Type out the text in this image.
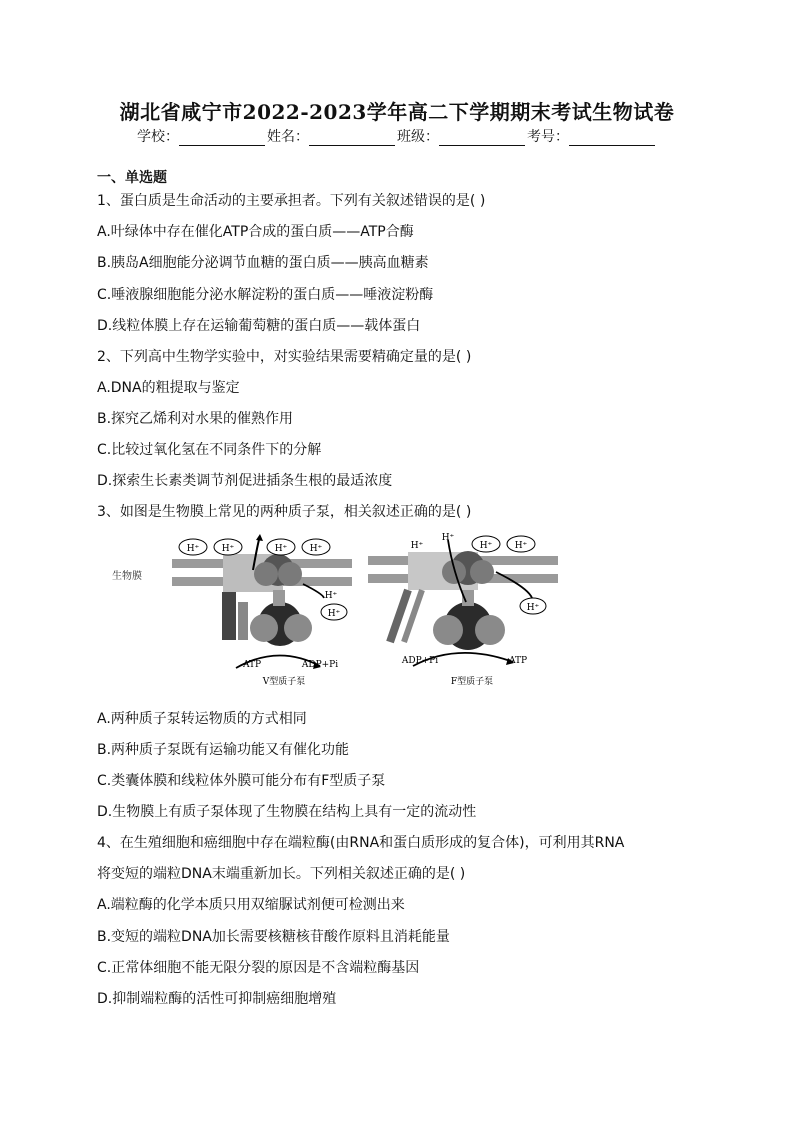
湖北省咸宁市2022-2023学年高二下学期期末考试生物试卷
学校：	姓名：	班级：	考号：
一、单选题
1、蛋白质是生命活动的主要承担者。下列有关叙述错误的是( )
A.叶绿体中存在催化ATP合成的蛋白质——ATP合酶
B.胰岛A细胞能分泌调节血糖的蛋白质——胰高血糖素
C.唾液腺细胞能分泌水解淀粉的蛋白质——唾液淀粉酶
D.线粒体膜上存在运输葡萄糖的蛋白质——载体蛋白
2、下列高中生物学实验中，对实验结果需要精确定量的是( )
A.DNA的粗提取与鉴定
B.探究乙烯利对水果的催熟作用
C.比较过氧化氢在不同条件下的分解
D.探索生长素类调节剂促进插条生根的最适浓度
3、如图是生物膜上常见的两种质子泵，相关叙述正确的是( )
生物膜
H⁺ H⁺	H⁺ H⁺
H⁺
H⁺
H⁺
H⁺
H⁺ H⁺
H⁺
ATP	ADP+Pi	ADP+Pi	ATP
V型质子泵	F型质子泵
A.两种质子泵转运物质的方式相同
B.两种质子泵既有运输功能又有催化功能
C.类囊体膜和线粒体外膜可能分布有F型质子泵
D.生物膜上有质子泵体现了生物膜在结构上具有一定的流动性
4、在生殖细胞和癌细胞中存在端粒酶(由RNA和蛋白质形成的复合体)，可利用其RNA
将变短的端粒DNA末端重新加长。下列相关叙述正确的是( )
A.端粒酶的化学本质只用双缩脲试剂便可检测出来
B.变短的端粒DNA加长需要核糖核苷酸作原料且消耗能量
C.正常体细胞不能无限分裂的原因是不含端粒酶基因
D.抑制端粒酶的活性可抑制癌细胞增殖
